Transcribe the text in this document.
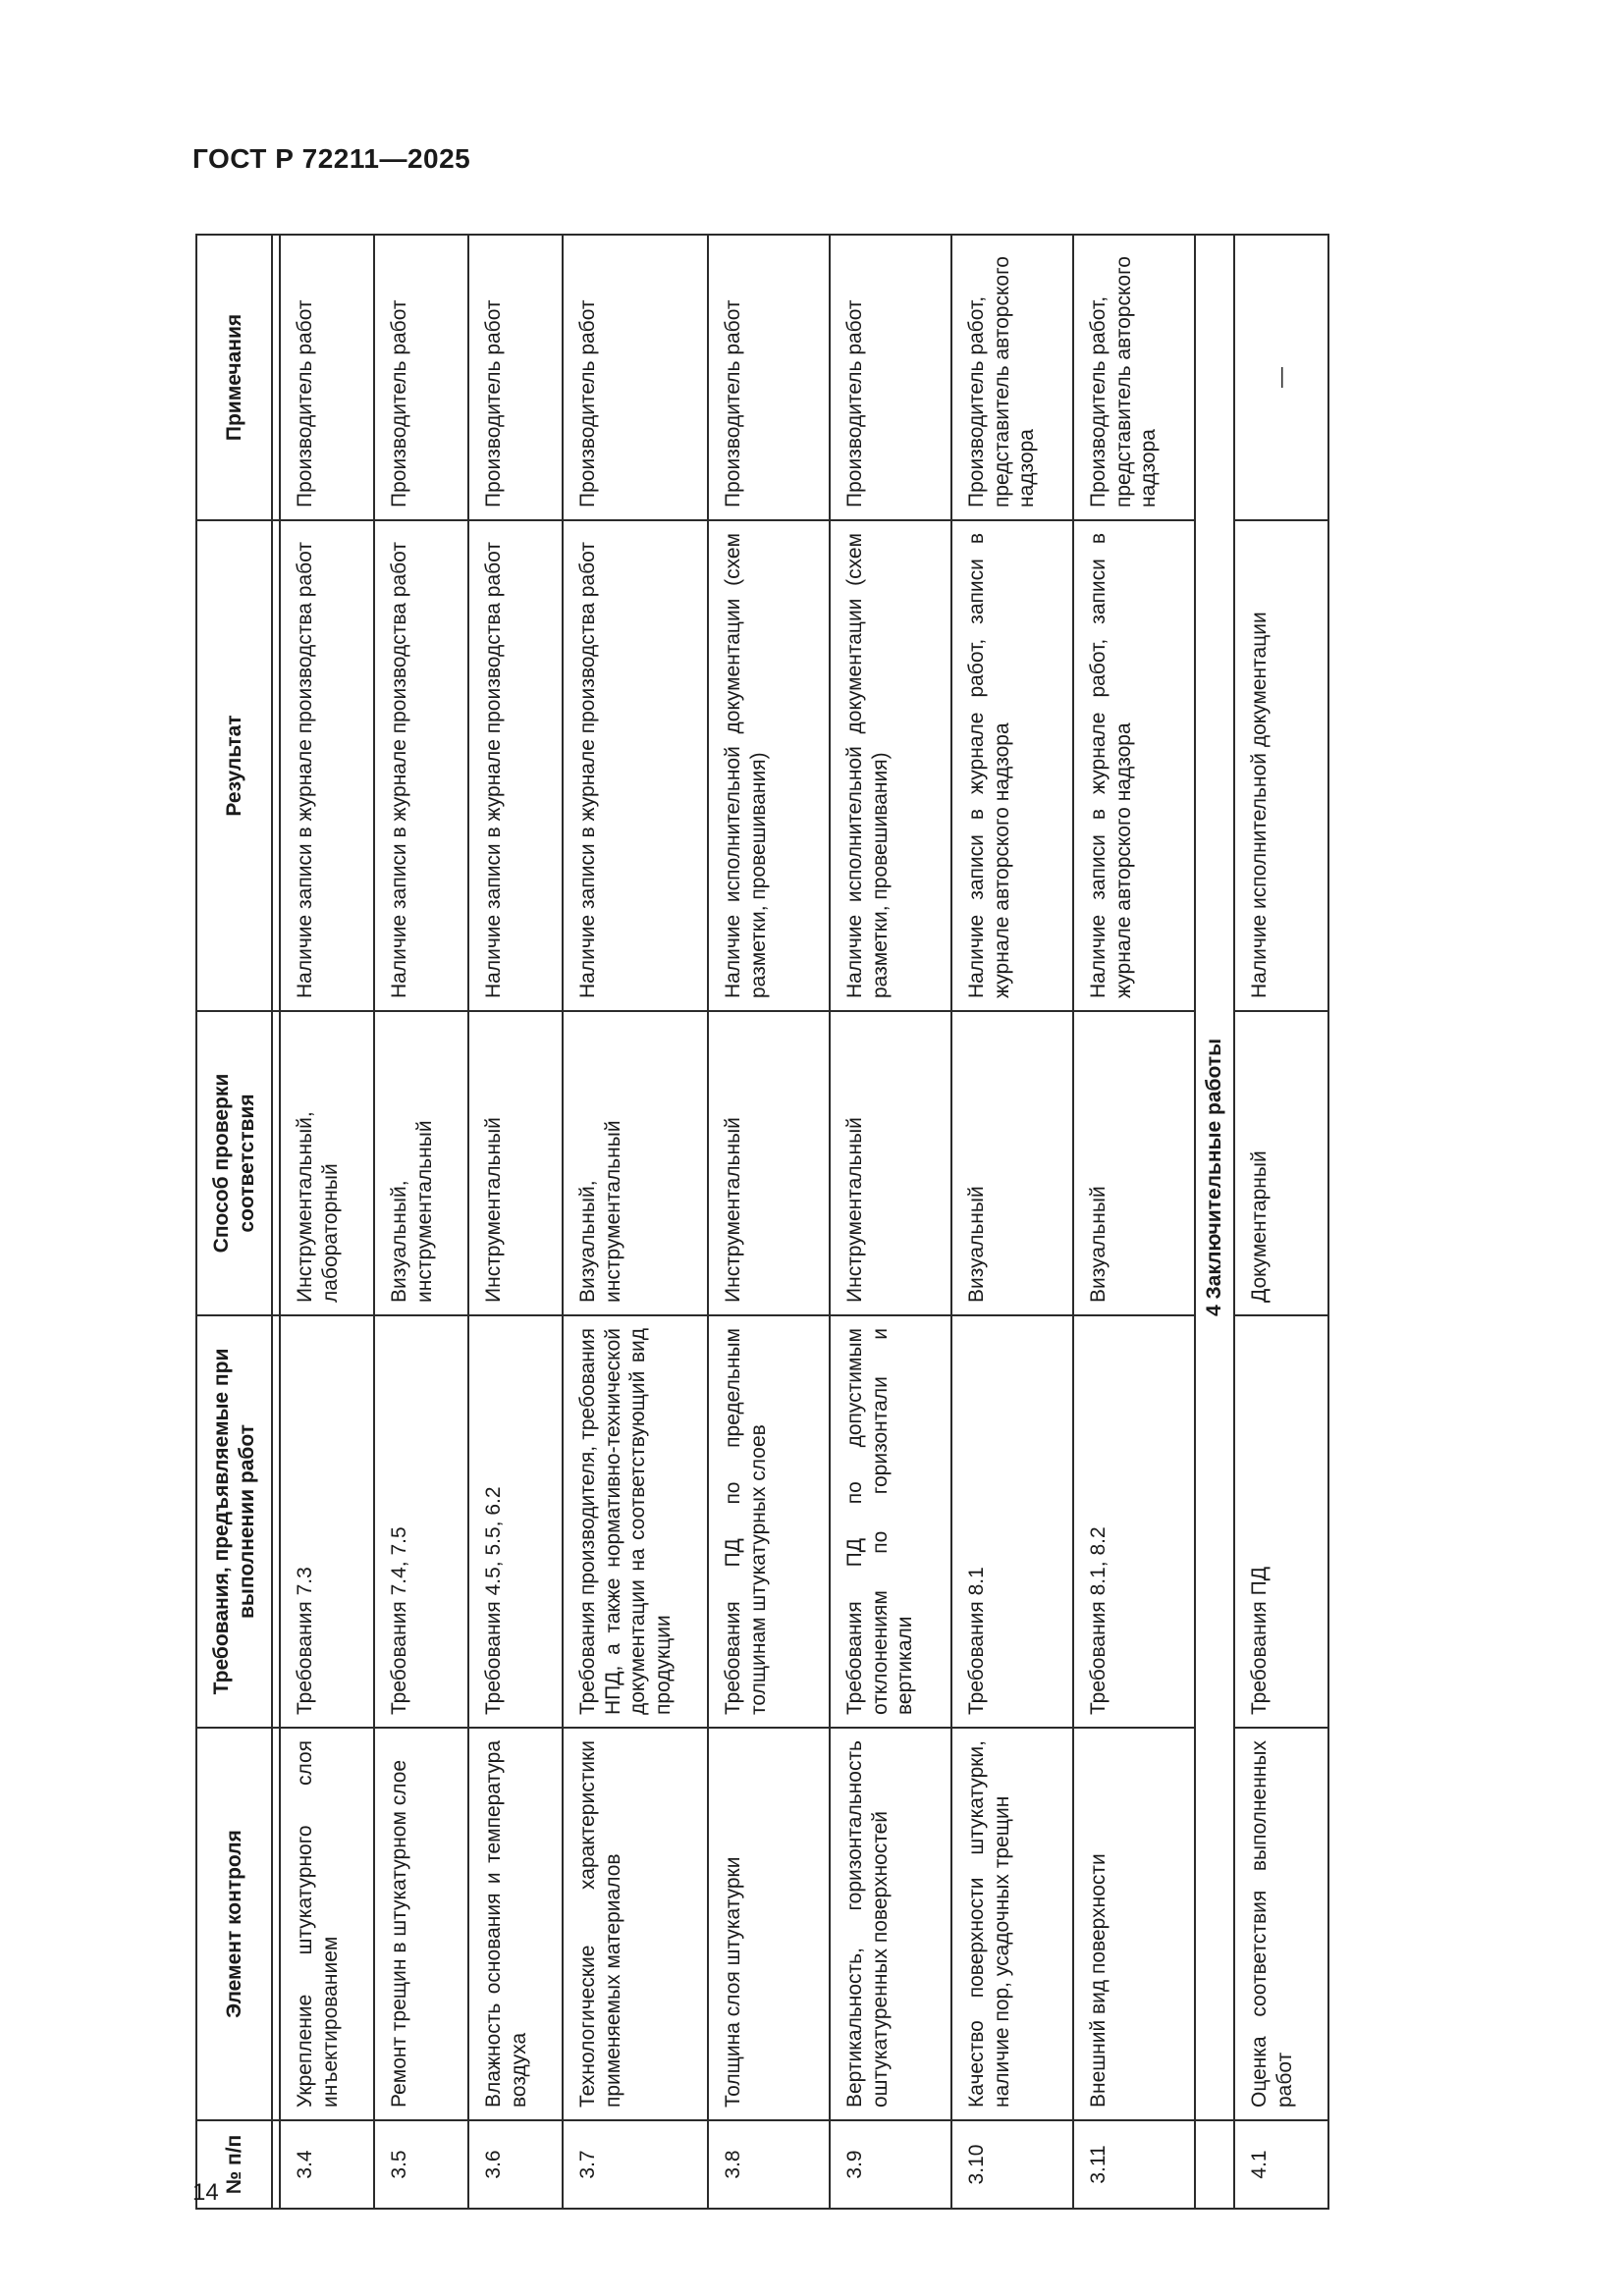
ГОСТ Р 72211—2025
№ п/п	Элемент контроля	Требования, предъявляемые при выполнении работ	Способ проверки соответствия	Результат	Примечания

3.4	Укрепление штукатурного слоя инъектированием	Требования 7.3	Инструментальный, лабораторный	Наличие записи в журнале производства работ	Производитель работ
3.5	Ремонт трещин в штукатурном слое	Требования 7.4, 7.5	Визуальный, инструментальный	Наличие записи в журнале производства работ	Производитель работ
3.6	Влажность основания и температура воздуха	Требования 4.5, 5.5, 6.2	Инструментальный	Наличие записи в журнале производства работ	Производитель работ
3.7	Технологические характеристики применяемых материалов	Требования производителя, требования НПД, а также нормативно-технической документации на соответствующий вид продукции	Визуальный, инструментальный	Наличие записи в журнале производства работ	Производитель работ
3.8	Толщина слоя штукатурки	Требования ПД по предельным толщинам штукатурных слоев	Инструментальный	Наличие исполнительной документации (схем разметки, провешивания)	Производитель работ
3.9	Вертикальность, горизонтальность оштукатуренных поверхностей	Требования ПД по допустимым отклонениям по горизонтали и вертикали	Инструментальный	Наличие исполнительной документации (схем разметки, провешивания)	Производитель работ
3.10	Качество поверхности штукатурки, наличие пор, усадочных трещин	Требования 8.1	Визуальный	Наличие записи в журнале работ, записи в журнале авторского надзора	Производитель работ, представитель авторского надзора
3.11	Внешний вид поверхности	Требования 8.1, 8.2	Визуальный	Наличие записи в журнале работ, записи в журнале авторского надзора	Производитель работ, представитель авторского надзора
	4 Заключительные работы				
4.1	Оценка соответствия выполненных работ	Требования ПД	Документарный	Наличие исполнительной документации	—
14
